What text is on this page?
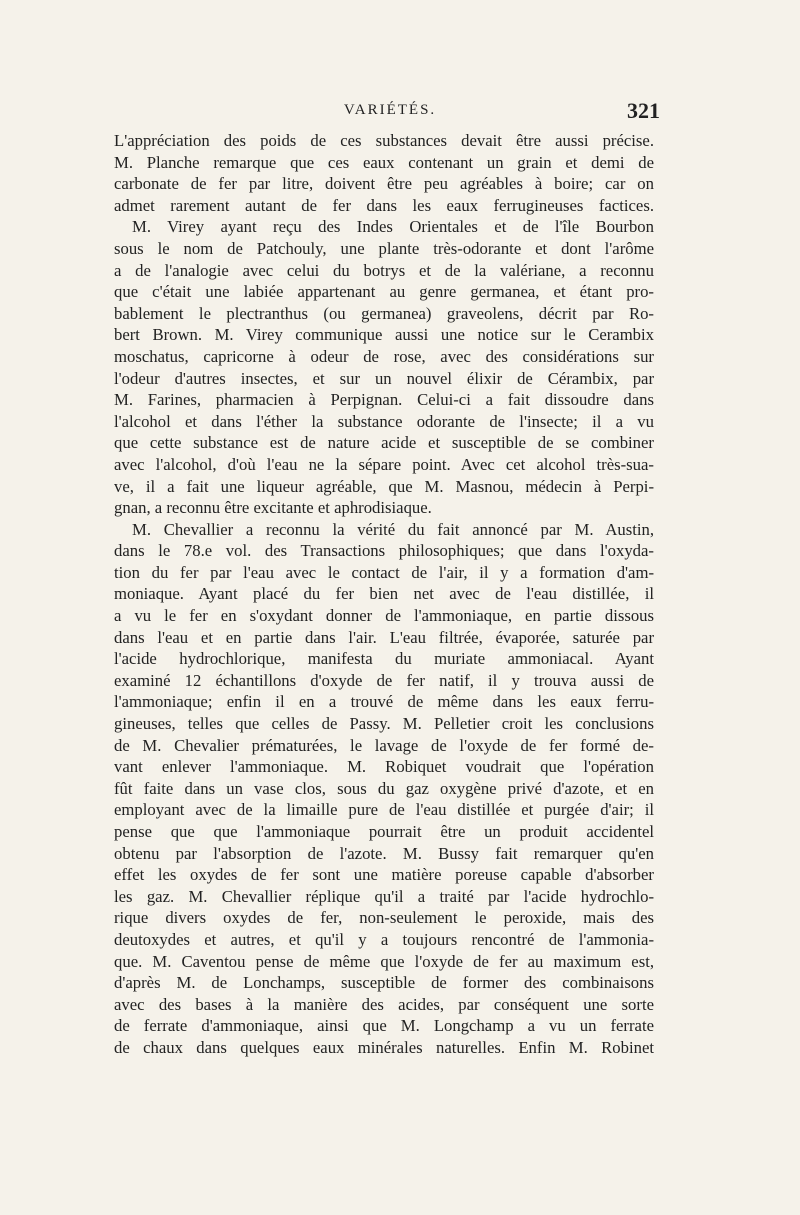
VARIÉTÉS.	321
L'appréciation des poids de ces substances devait être aussi précise.
M. Planche remarque que ces eaux contenant un grain et demi de
carbonate de fer par litre, doivent être peu agréables à boire; car on
admet rarement autant de fer dans les eaux ferrugineuses factices.
M. Virey ayant reçu des Indes Orientales et de l'île Bourbon
sous le nom de Patchouly, une plante très-odorante et dont l'arôme
a de l'analogie avec celui du botrys et de la valériane, a reconnu
que c'était une labiée appartenant au genre germanea, et étant pro-
bablement le plectranthus (ou germanea) graveolens, décrit par Ro-
bert Brown. M. Virey communique aussi une notice sur le Cerambix
moschatus, capricorne à odeur de rose, avec des considérations sur
l'odeur d'autres insectes, et sur un nouvel élixir de Cérambix, par
M. Farines, pharmacien à Perpignan. Celui-ci a fait dissoudre dans
l'alcohol et dans l'éther la substance odorante de l'insecte; il a vu
que cette substance est de nature acide et susceptible de se combiner
avec l'alcohol, d'où l'eau ne la sépare point. Avec cet alcohol très-sua-
ve, il a fait une liqueur agréable, que M. Masnou, médecin à Perpi-
gnan, a reconnu être excitante et aphrodisiaque.
M. Chevallier a reconnu la vérité du fait annoncé par M. Austin,
dans le 78.e vol. des Transactions philosophiques; que dans l'oxyda-
tion du fer par l'eau avec le contact de l'air, il y a formation d'am-
moniaque. Ayant placé du fer bien net avec de l'eau distillée, il
a vu le fer en s'oxydant donner de l'ammoniaque, en partie dissous
dans l'eau et en partie dans l'air. L'eau filtrée, évaporée, saturée par
l'acide hydrochlorique, manifesta du muriate ammoniacal. Ayant
examiné 12 échantillons d'oxyde de fer natif, il y trouva aussi de
l'ammoniaque; enfin il en a trouvé de même dans les eaux ferru-
gineuses, telles que celles de Passy. M. Pelletier croit les conclusions
de M. Chevalier prématurées, le lavage de l'oxyde de fer formé de-
vant enlever l'ammoniaque. M. Robiquet voudrait que l'opération
fût faite dans un vase clos, sous du gaz oxygène privé d'azote, et en
employant avec de la limaille pure de l'eau distillée et purgée d'air; il
pense que que l'ammoniaque pourrait être un produit accidentel
obtenu par l'absorption de l'azote. M. Bussy fait remarquer qu'en
effet les oxydes de fer sont une matière poreuse capable d'absorber
les gaz. M. Chevallier réplique qu'il a traité par l'acide hydrochlo-
rique divers oxydes de fer, non-seulement le peroxide, mais des
deutoxydes et autres, et qu'il y a toujours rencontré de l'ammonia-
que. M. Caventou pense de même que l'oxyde de fer au maximum est,
d'après M. de Lonchamps, susceptible de former des combinaisons
avec des bases à la manière des acides, par conséquent une sorte
de ferrate d'ammoniaque, ainsi que M. Longchamp a vu un ferrate
de chaux dans quelques eaux minérales naturelles. Enfin M. Robinet
